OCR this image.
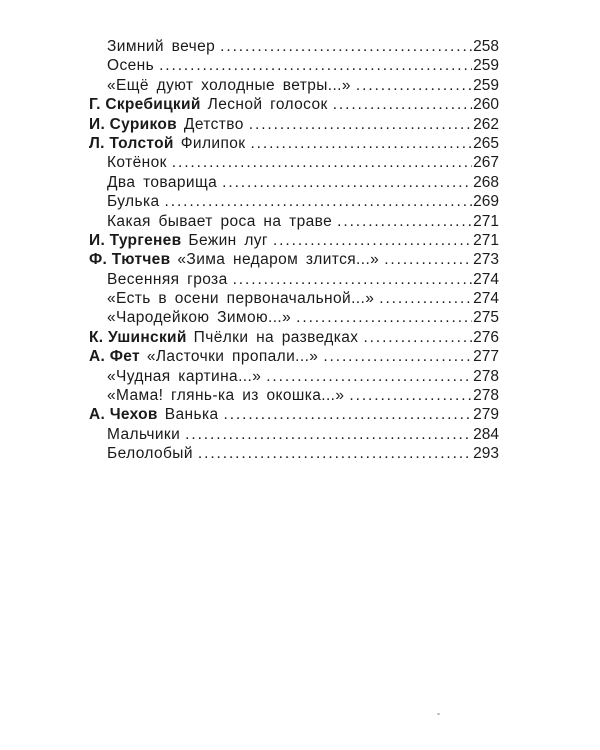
Зимний вечер . . .	258
Осень . . .	259
«Ещё дуют холодные ветры...» . . .	259
Г. Скребицкий Лесной голосок . . .	260
И. Суриков Детство . . .	262
Л. Толстой Филипок . . .	265
Котёнок . . .	267
Два товарища . . .	268
Булька . . .	269
Какая бывает роса на траве . . .	271
И. Тургенев Бежин луг . . .	271
Ф. Тютчев «Зима недаром злится...» . . .	273
Весенняя гроза . . .	274
«Есть в осени первоначальной...» . . .	274
«Чародейкою Зимою...» . . .	275
К. Ушинский Пчёлки на разведках . . .	276
А. Фет «Ласточки пропали...» . . .	277
«Чудная картина...» . . .	278
«Мама! глянь-ка из окошка...» . . .	278
А. Чехов Ванька . . .	279
Мальчики . . .	284
Белолобый . . .	293
